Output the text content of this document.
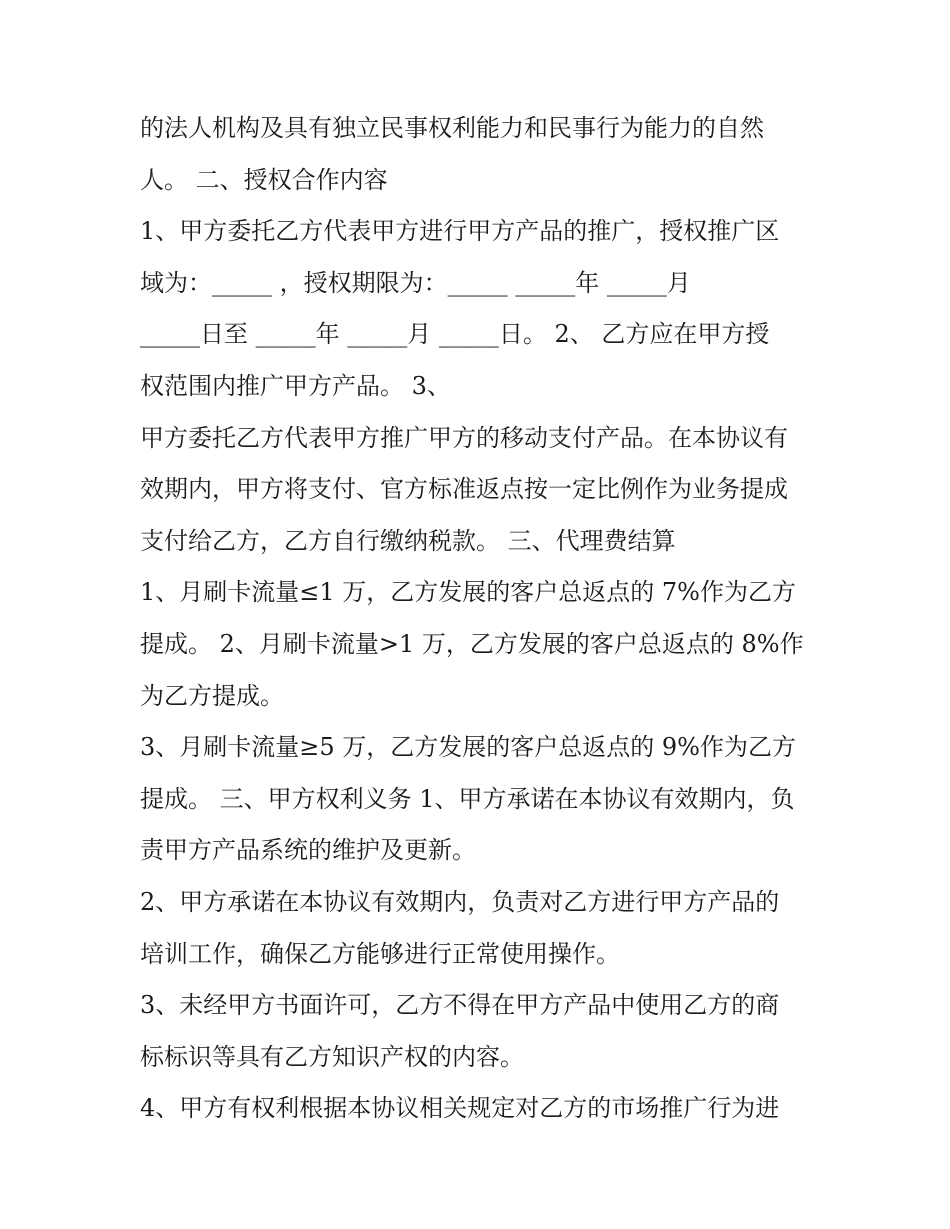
的法人机构及具有独立民事权利能力和民事行为能力的自然
人。 二、授权合作内容
1、甲方委托乙方代表甲方进行甲方产品的推广，授权推广区
域为：_____ ，授权期限为：_____ _____年 _____月
_____日至 _____年 _____月 _____日。 2、 乙方应在甲方授
权范围内推广甲方产品。 3、
甲方委托乙方代表甲方推广甲方的移动支付产品。在本协议有
效期内，甲方将支付、官方标准返点按一定比例作为业务提成
支付给乙方，乙方自行缴纳税款。 三、代理费结算
1、月刷卡流量≤1 万，乙方发展的客户总返点的 7%作为乙方
提成。 2、月刷卡流量>1 万，乙方发展的客户总返点的 8%作
为乙方提成。
3、月刷卡流量≥5 万，乙方发展的客户总返点的 9%作为乙方
提成。 三、甲方权利义务 1、甲方承诺在本协议有效期内，负
责甲方产品系统的维护及更新。
2、甲方承诺在本协议有效期内，负责对乙方进行甲方产品的
培训工作，确保乙方能够进行正常使用操作。
3、未经甲方书面许可，乙方不得在甲方产品中使用乙方的商
标标识等具有乙方知识产权的内容。
4、甲方有权利根据本协议相关规定对乙方的市场推广行为进
